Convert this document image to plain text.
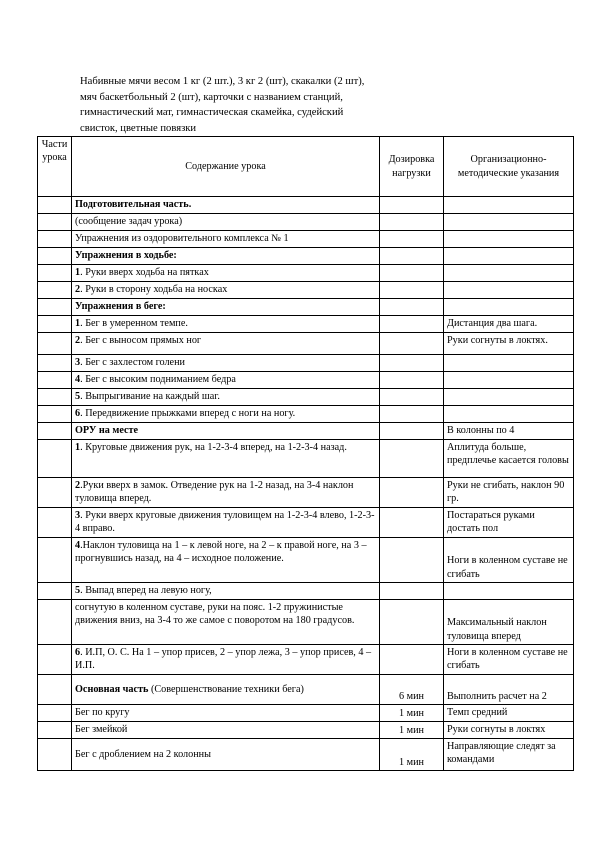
Набивные мячи весом 1 кг (2 шт.), 3 кг 2 (шт), скакалки (2 шт), мяч баскетбольный 2 (шт), карточки с названием станций, гимнастический мат, гимнастическая скамейка, судейский свисток, цветные повязки
Части урока	Содержание урока	Дозировка нагрузки	Организационно-методические указания
	Подготовительная часть.		
	(сообщение задач урока)		
	Упражнения из оздоровительного комплекса № 1		
	Упражнения в ходьбе:		
	1. Руки вверх ходьба на пятках		
	2. Руки в сторону ходьба на носках		
	Упражнения в беге:		
	1. Бег в умеренном темпе.		Дистанция два шага.
	2. Бег с выносом прямых ног		Руки согнуты в локтях.
	3. Бег с захлестом голени		
	4. Бег с высоким подниманием бедра		
	5. Выпрыгивание на каждый шаг.		
	6. Передвижение прыжками вперед с ноги на ногу.		
	ОРУ на месте		В колонны по 4
	1. Круговые движения рук, на 1-2-3-4 вперед, на 1-2-3-4 назад.		Аплитуда больше, предплечье касается головы
	2.Руки вверх в замок. Отведение рук на 1-2 назад, на 3-4 наклон туловища вперед.		Руки не сгибать, наклон 90 гр.
	3. Руки вверх круговые движения туловищем на 1-2-3-4 влево, 1-2-3-4 вправо.		Постараться руками достать пол
	4.Наклон туловища на 1 – к левой ноге, на 2 – к правой ноге, на 3 – прогнувшись назад, на 4 – исходное положение.		Ноги в коленном суставе не сгибать
	5. Выпад вперед на левую ногу,		
	согнутую в коленном суставе, руки на пояс. 1-2 пружинистые движения вниз, на 3-4 то же самое с поворотом на 180 градусов.		Максимальный наклон туловища вперед
	6. И.П, О. С. На 1 – упор присев, 2 – упор лежа, 3 – упор присев, 4 – И.П.		Ноги в коленном суставе не сгибать
	Основная часть (Совершенствование техники бега)	6 мин	Выполнить расчет на 2
	Бег по кругу	1 мин	Темп средний
	Бег змейкой	1 мин	Руки согнуты в локтях
	Бег с дроблением на 2 колонны	1 мин	Направляющие следят за командами
